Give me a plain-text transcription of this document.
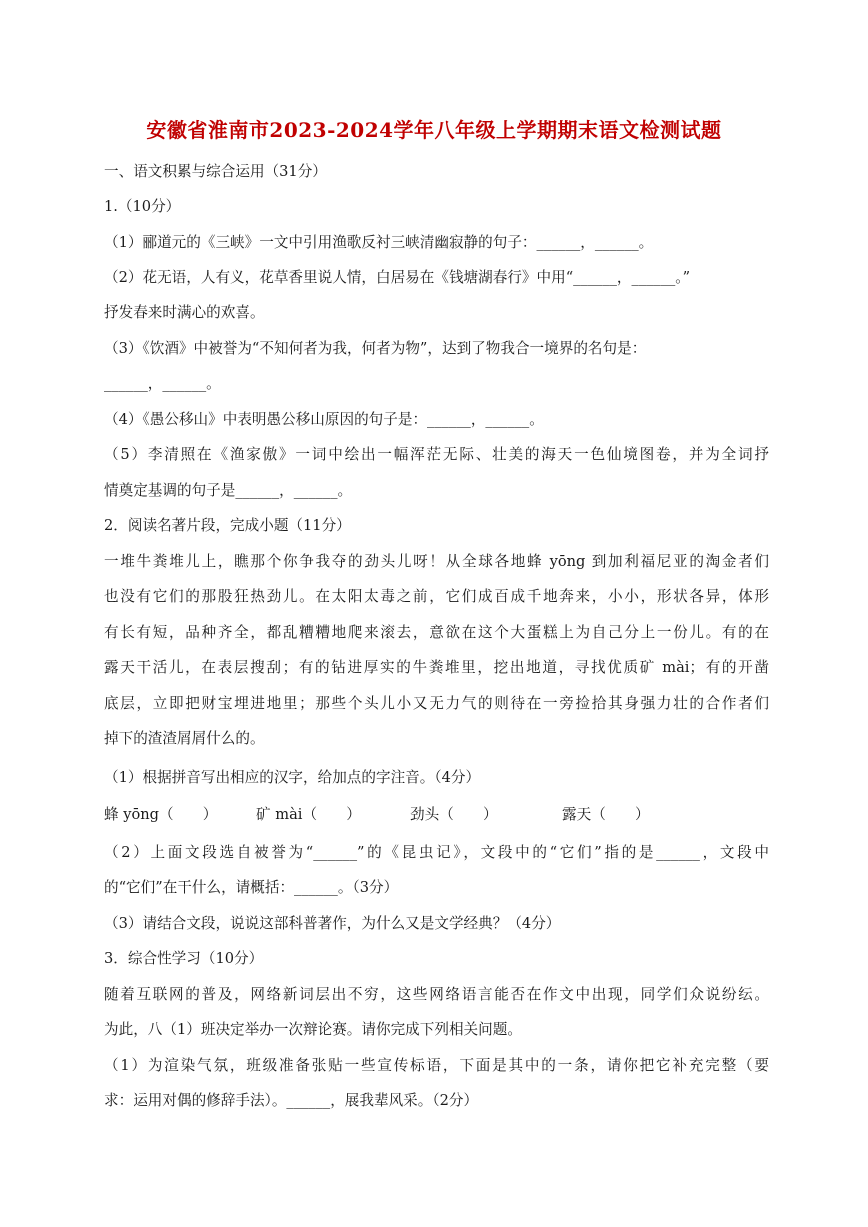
安徽省淮南市2023-2024学年八年级上学期期末语文检测试题
一、语文积累与综合运用（31分）
1.（10分）
（1）郦道元的《三峡》一文中引用渔歌反衬三峡清幽寂静的句子：______，______。
（2）花无语，人有义，花草香里说人情，白居易在《钱塘湖春行》中用“______，______。”
抒发春来时满心的欢喜。
（3）《饮酒》中被誉为“不知何者为我，何者为物”，达到了物我合一境界的名句是：
______，______。
（4）《愚公移山》中表明愚公移山原因的句子是：______，______。
（5）李清照在《渔家傲》一词中绘出一幅浑茫无际、壮美的海天一色仙境图卷，并为全词抒
情奠定基调的句子是______，______。
2．阅读名著片段，完成小题（11分）
一堆牛粪堆儿上，瞧那个你争我夺的劲头儿呀！从全球各地蜂 yōng 到加利福尼亚的淘金者们
也没有它们的那股狂热劲儿。在太阳太毒之前，它们成百成千地奔来，小小，形状各异，体形
有长有短，品种齐全，都乱糟糟地爬来滚去，意欲在这个大蛋糕上为自己分上一份儿。有的在
露天干活儿，在表层搜刮；有的钻进厚实的牛粪堆里，挖出地道，寻找优质矿 mài；有的开凿
底层，立即把财宝埋进地里；那些个头儿小又无力气的则待在一旁捡拾其身强力壮的合作者们
掉下的渣渣屑屑什么的。
（1）根据拼音写出相应的汉字，给加点的字注音。（4分）
蜂 yōng（　　）	矿 mài（　　）	劲头（　　）	露天（　　）
（2）上面文段选自被誉为“______”的《昆虫记》，文段中的“它们”指的是______，文段中
的“它们”在干什么，请概括：______。（3分）
（3）请结合文段，说说这部科普著作，为什么又是文学经典？（4分）
3．综合性学习（10分）
随着互联网的普及，网络新词层出不穷，这些网络语言能否在作文中出现，同学们众说纷纭。
为此，八（1）班决定举办一次辩论赛。请你完成下列相关问题。
（1）为渲染气氛，班级准备张贴一些宣传标语，下面是其中的一条，请你把它补充完整（要
求：运用对偶的修辞手法）。______，展我辈风采。（2分）
